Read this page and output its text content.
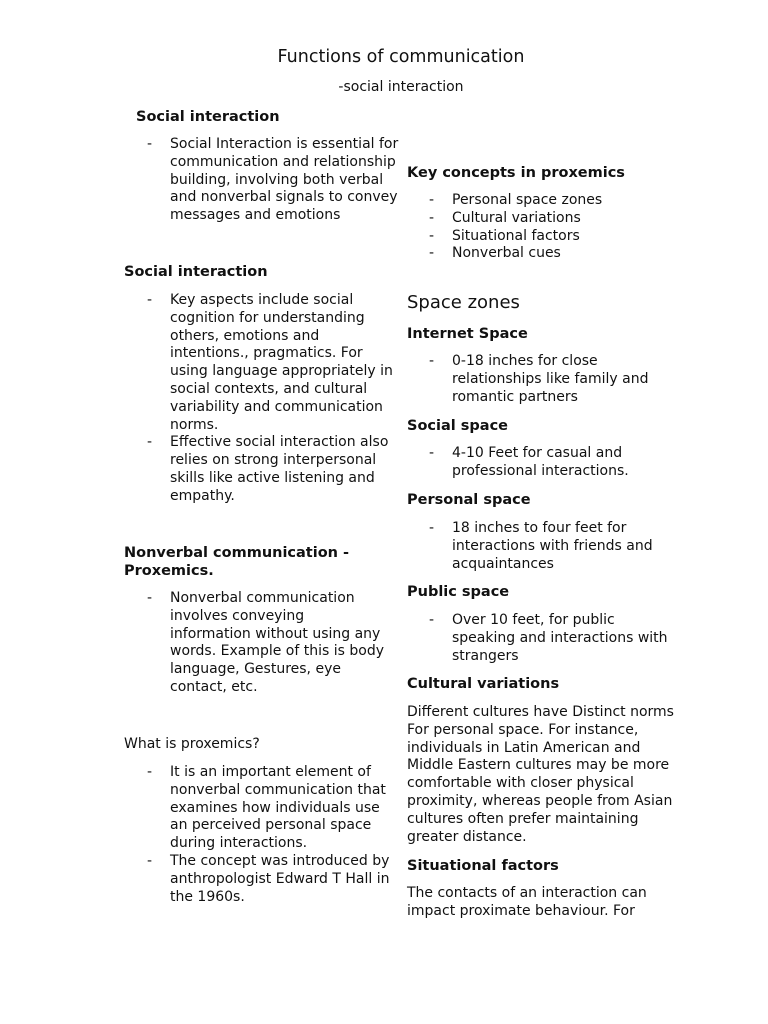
Functions of communication
-social interaction
Social interaction
- Social Interaction is essential for communication and relationship building, involving both verbal and nonverbal signals to convey messages and emotions
Social interaction
- Key aspects include social cognition for understanding others, emotions and intentions., pragmatics. For using language appropriately in social contexts, and cultural variability and communication norms.
- Effective social interaction also relies on strong interpersonal skills like active listening and empathy.
Nonverbal communication - Proxemics.
- Nonverbal communication involves conveying information without using any words. Example of this is body language, Gestures, eye contact, etc.
What is proxemics?
- It is an important element of nonverbal communication that examines how individuals use an perceived personal space during interactions.
- The concept was introduced by anthropologist Edward T Hall in the 1960s.
Key concepts in proxemics
- Personal space zones
- Cultural variations
- Situational factors
- Nonverbal cues
Space zones
Internet Space
- 0-18 inches for close relationships like family and romantic partners
Social space
- 4-10 Feet for casual and professional interactions.
Personal space
- 18 inches to four feet for interactions with friends and acquaintances
Public space
- Over 10 feet, for public speaking and interactions with strangers
Cultural variations

Different cultures have Distinct norms For personal space. For instance, individuals in Latin American and Middle Eastern cultures may be more comfortable with closer physical proximity, whereas people from Asian cultures often prefer maintaining greater distance.

Situational factors

The contacts of an interaction can impact proximate behaviour. For
